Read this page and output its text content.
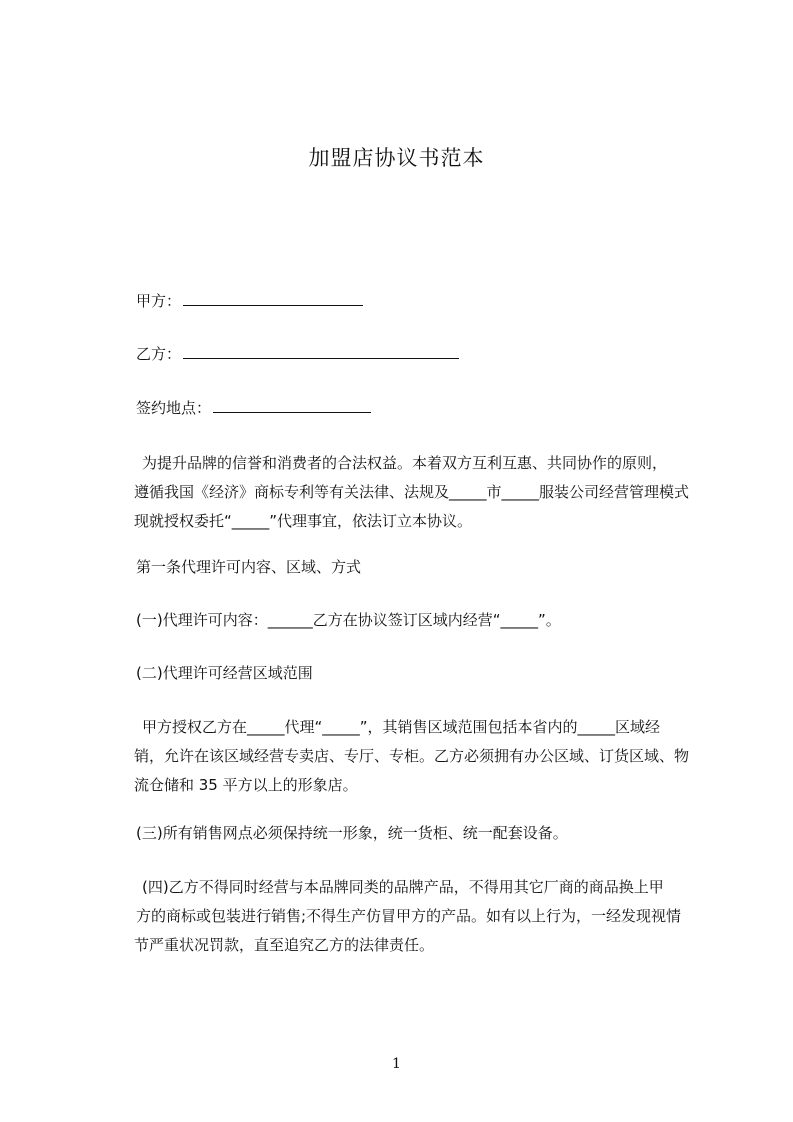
加盟店协议书范本
甲方：
乙方：
签约地点：
为提升品牌的信誉和消费者的合法权益。本着双方互利互惠、共同协作的原则，
遵循我国《经济》商标专利等有关法律、法规及_____市_____服装公司经营管理模式
现就授权委托“_____”代理事宜，依法订立本协议。
第一条代理许可内容、区域、方式
(一)代理许可内容：______乙方在协议签订区域内经营“_____”。
(二)代理许可经营区域范围
甲方授权乙方在_____代理“_____”，其销售区域范围包括本省内的_____区域经
销，允许在该区域经营专卖店、专厅、专柜。乙方必须拥有办公区域、订货区域、物
流仓储和 35 平方以上的形象店。
(三)所有销售网点必须保持统一形象，统一货柜、统一配套设备。
(四)乙方不得同时经营与本品牌同类的品牌产品，不得用其它厂商的商品换上甲
方的商标或包装进行销售;不得生产仿冒甲方的产品。如有以上行为，一经发现视情
节严重状况罚款，直至追究乙方的法律责任。
1
